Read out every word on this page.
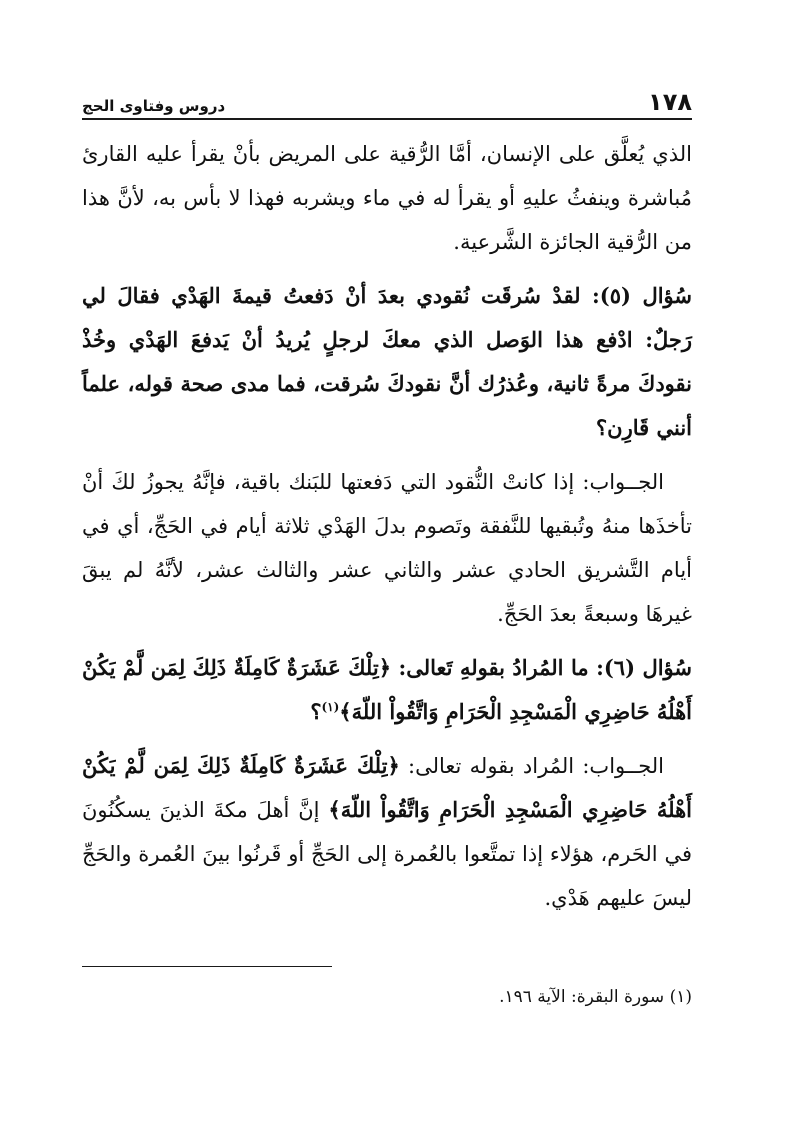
١٧٨
دروس وفتاوى الحج

الذي يُعلَّق على الإنسان، أمَّا الرُّقية على المريض بأنْ يقرأ عليه القارئ مُباشرة وينفثُ عليهِ أو يقرأ له في ماء ويشربه فهذا لا بأس به، لأنَّ هذا من الرُّقية الجائزة الشَّرعية.

سُؤال (٥): لقدْ سُرقَت نُقودي بعدَ أنْ دَفعتُ قيمةَ الهَدْي فقالَ لي رَجلٌ: ادْفع هذا الوَصل الذي معكَ لرجلٍ يُريدُ أنْ يَدفعَ الهَدْي وخُذْ نقودكَ مرةً ثانية، وعُذرُك أنَّ نقودكَ سُرقت، فما مدى صحة قوله، علماً أنني قَارِن؟

الجــواب: إذا كانتْ النُّقود التي دَفعتها للبَنك باقية، فإنَّهُ يجوزُ لكَ أنْ تأخذَها منهُ وتُبقيها للنَّفقة وتَصوم بدلَ الهَدْي ثلاثة أيام في الحَجِّ، أي في أيام التَّشريق الحادي عشر والثاني عشر والثالث عشر، لأنَّهُ لم يبقَ غيرهَا وسبعةً بعدَ الحَجِّ.

سُؤال (٦): ما المُرادُ بقولهِ تَعالى: ﴿تِلْكَ عَشَرَةٌ كَامِلَةٌ ذَلِكَ لِمَن لَّمْ يَكُنْ أَهْلُهُ حَاضِرِي الْمَسْجِدِ الْحَرَامِ وَاتَّقُواْ اللّهَ﴾$^{(١)}$؟

الجــواب: المُراد بقوله تعالى: ﴿تِلْكَ عَشَرَةٌ كَامِلَةٌ ذَلِكَ لِمَن لَّمْ يَكُنْ أَهْلُهُ حَاضِرِي الْمَسْجِدِ الْحَرَامِ وَاتَّقُواْ اللّهَ﴾ إنَّ أهلَ مكةَ الذينَ يسكُنُونَ في الحَرم، هؤلاء إذا تمتَّعوا بالعُمرة إلى الحَجِّ أو قَرنُوا بينَ العُمرة والحَجِّ ليسَ عليهم هَدْي.

(١) سورة البقرة: الآية ١٩٦.
